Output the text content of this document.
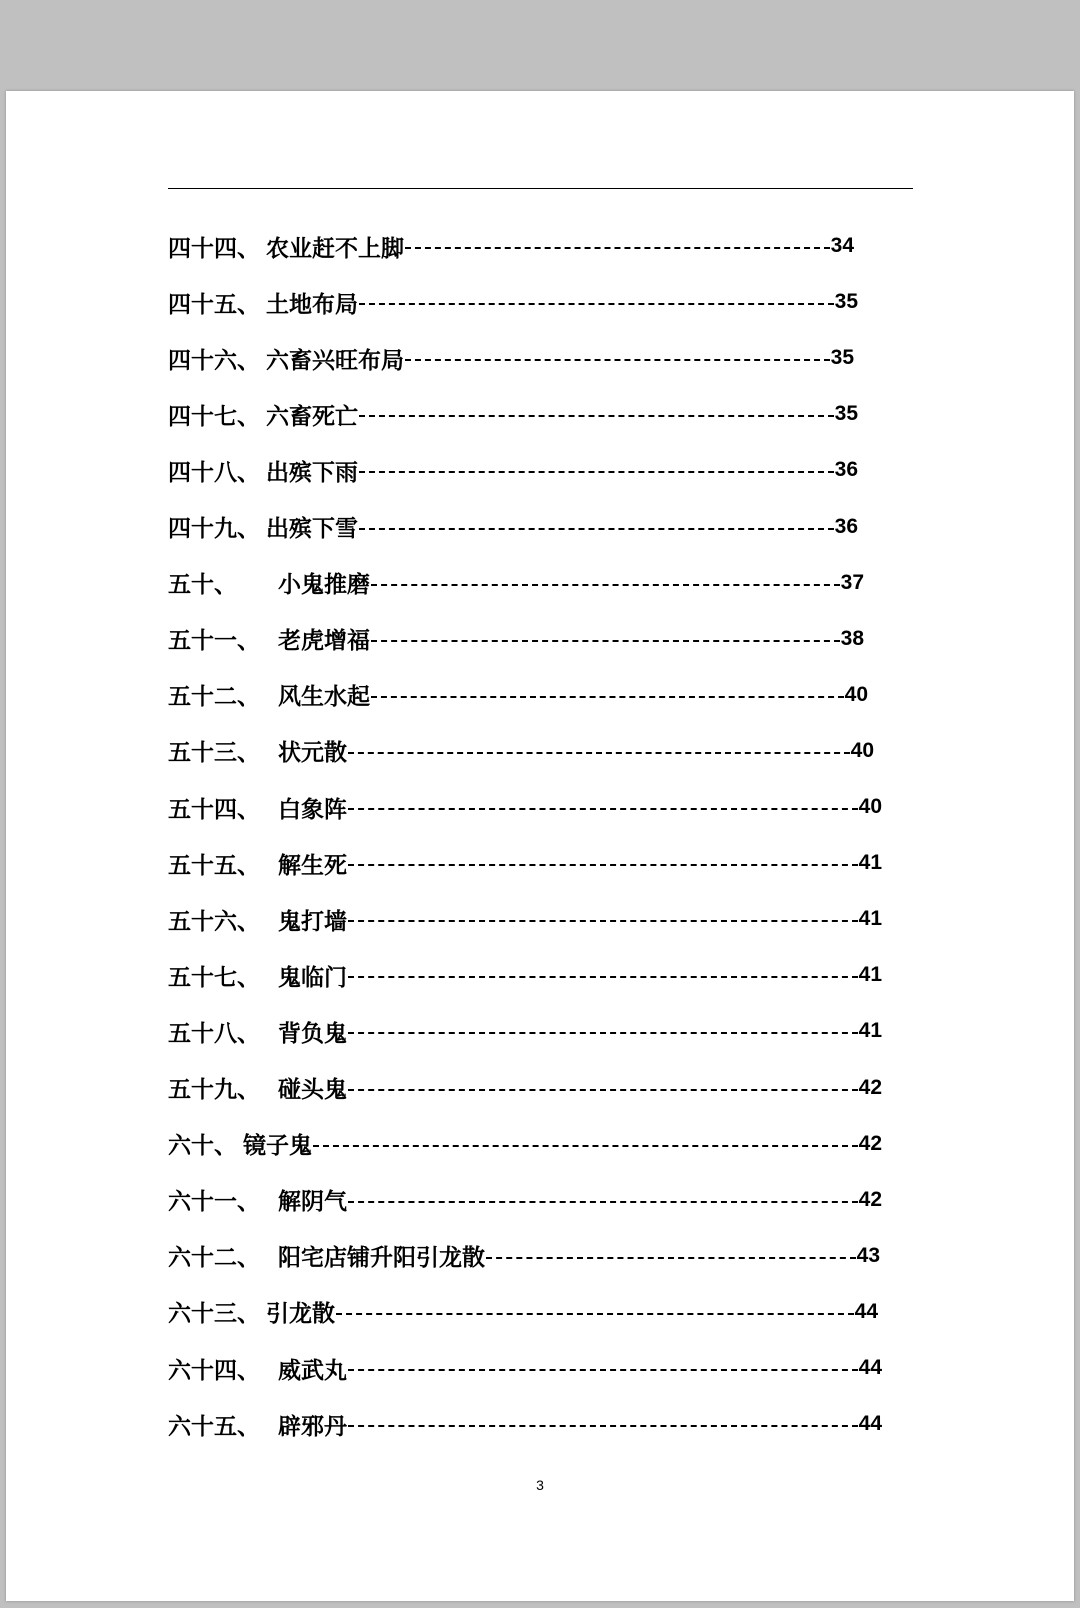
四十四、 农业赶不上脚	34
四十五、 土地布局	35
四十六、 六畜兴旺布局	35
四十七、 六畜死亡	35
四十八、 出殡下雨	36
四十九、 出殡下雪	36
五十、	小鬼推磨	37
五十一、 老虎增福	38
五十二、 风生水起	40
五十三、 状元散	40
五十四、 白象阵	40
五十五、 解生死	41
五十六、 鬼打墙	41
五十七、 鬼临门	41
五十八、 背负鬼	41
五十九、 碰头鬼	42
六十、 镜子鬼	42
六十一、 解阴气	42
六十二、 阳宅店铺升阳引龙散	43
六十三、 引龙散	44
六十四、 威武丸	44
六十五、 辟邪丹	44
3
